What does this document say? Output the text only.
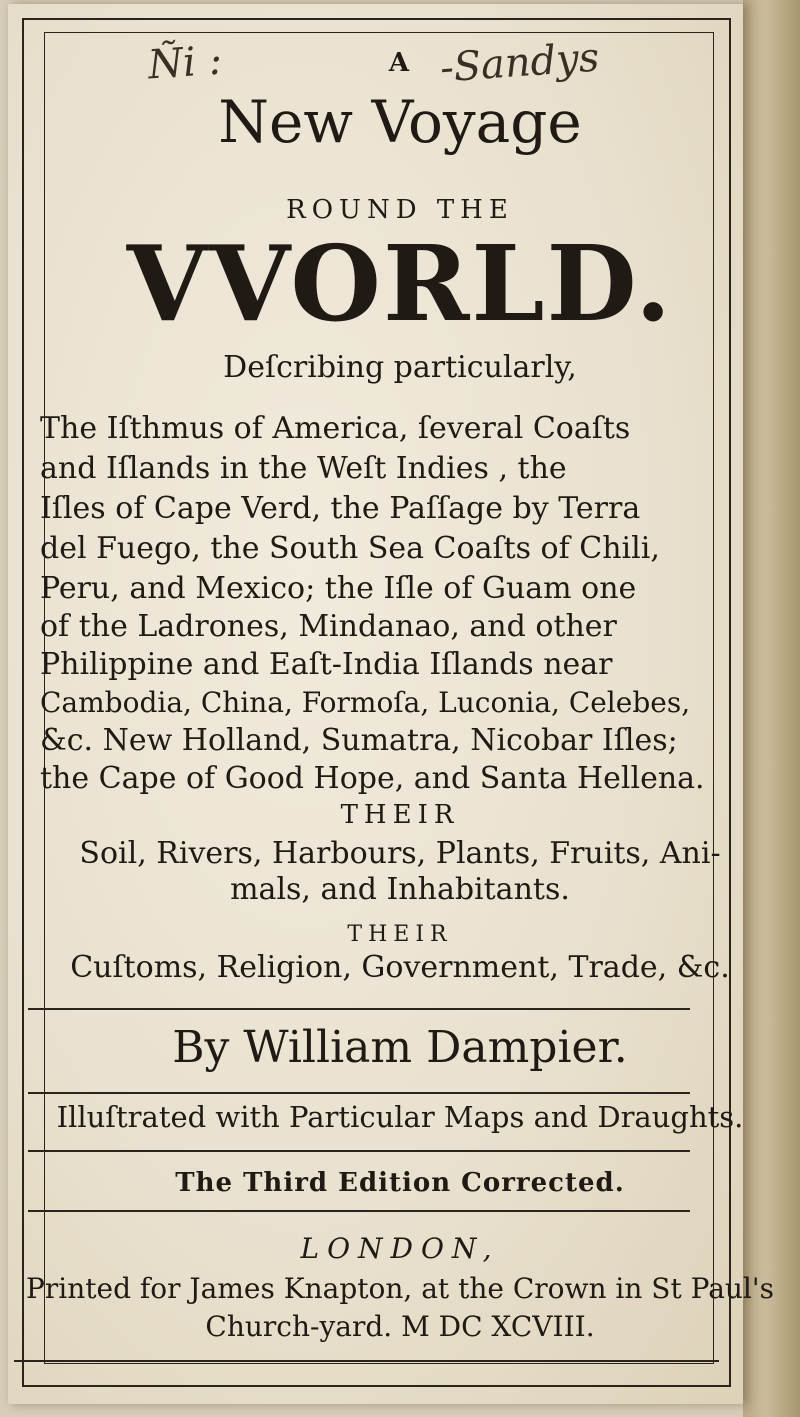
Ñi :	-Sandys
A
New Voyage
ROUND THE
VVORLD.
Deſcribing particularly,
The Iſthmus of America, ſeveral Coaſts
and Iſlands in the Weſt Indies , the
Iſles of Cape Verd, the Paſſage by Terra
del Fuego, the South Sea Coaſts of Chili,
Peru, and Mexico; the Iſle of Guam one
of the Ladrones, Mindanao, and other
Philippine and Eaſt-India Iſlands near
Cambodia, China, Formoſa, Luconia, Celebes,
&c. New Holland, Sumatra, Nicobar Iſles;
the Cape of Good Hope, and Santa Hellena.
THEIR
Soil, Rivers, Harbours, Plants, Fruits, Ani-
mals, and Inhabitants.
THEIR
Cuſtoms, Religion, Government, Trade, &c.
By William Dampier.
Illuſtrated with Particular Maps and Draughts.
The Third Edition Corrected.
LONDON,
Printed for James Knapton, at the Crown in St Paul's
Church-yard. M DC XCVIII.
